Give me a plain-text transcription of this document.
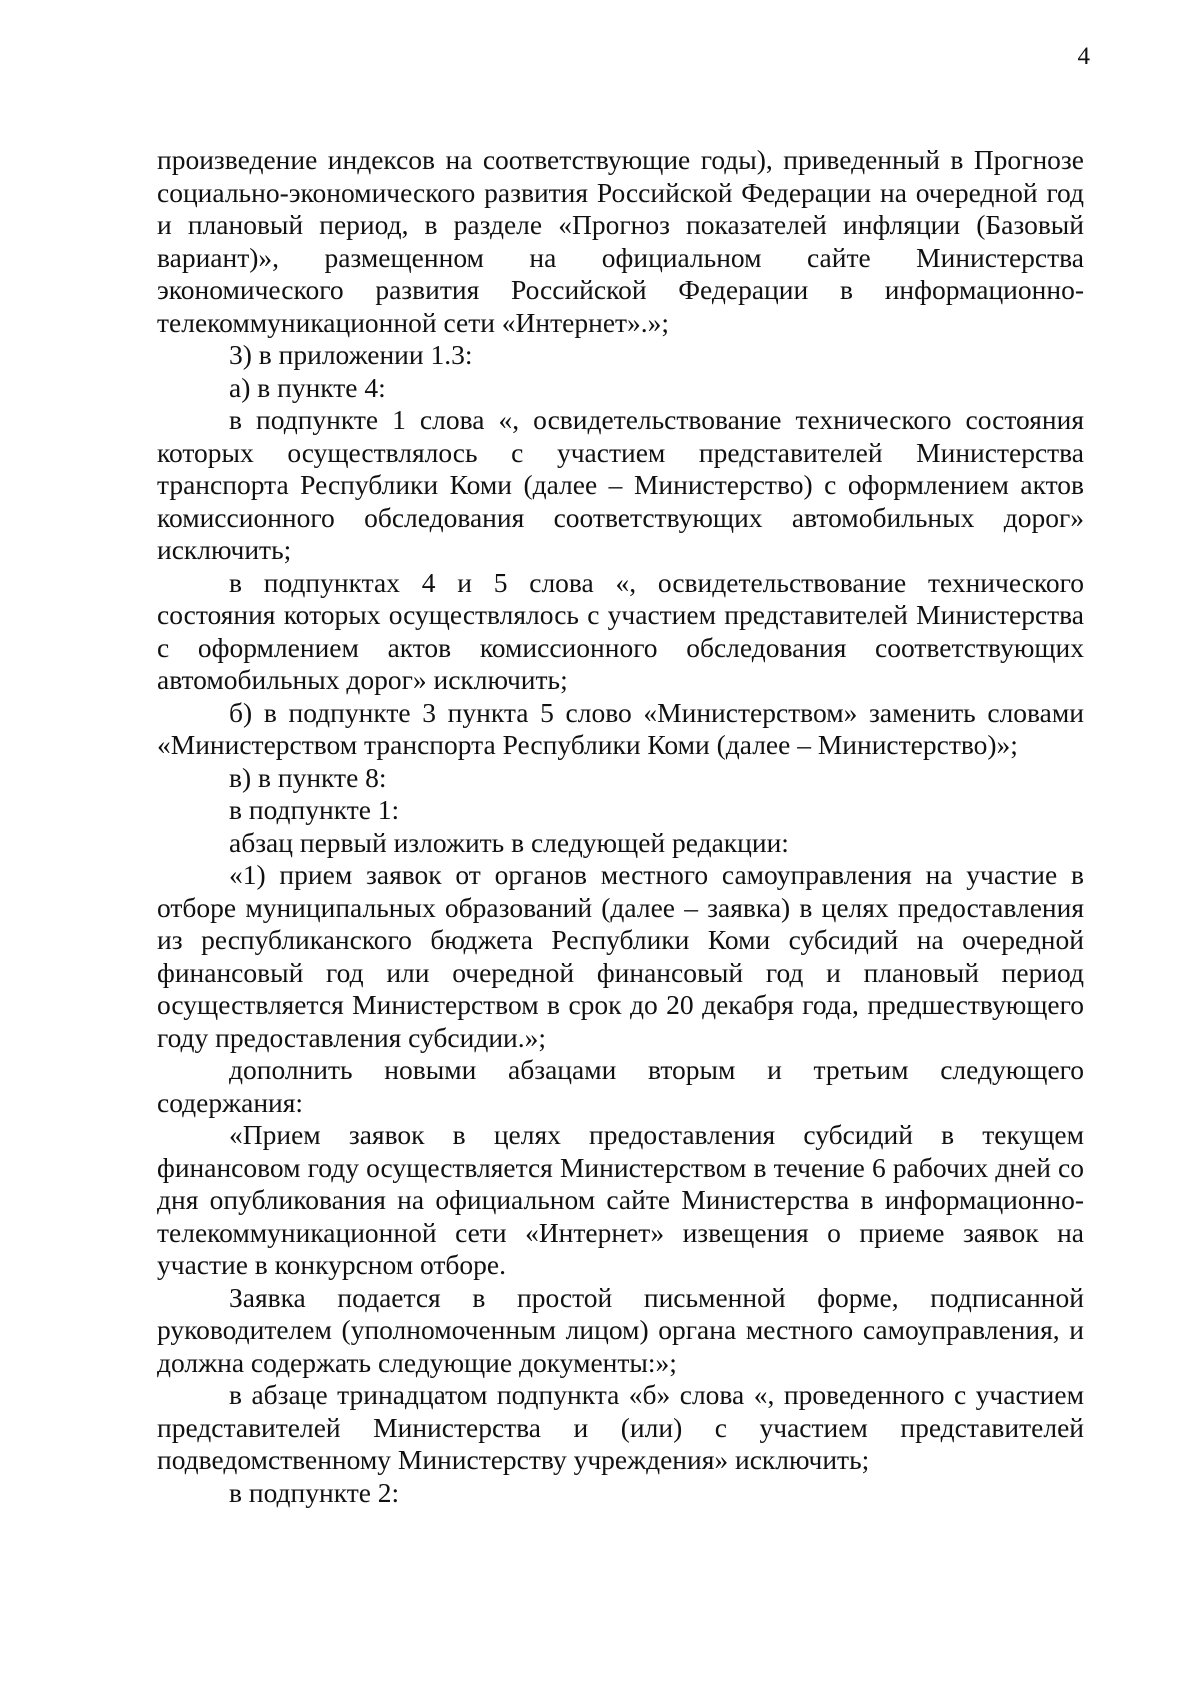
4

произведение индексов на соответствующие годы), приведенный в Прогнозе социально-экономического развития Российской Федерации на очередной год и плановый период, в разделе «Прогноз показателей инфляции (Базовый вариант)», размещенном на официальном сайте Министерства экономического развития Российской Федерации в информационно-телекоммуникационной сети «Интернет».»;

3) в приложении 1.3:

а) в пункте 4:

в подпункте 1 слова «, освидетельствование технического состояния которых осуществлялось с участием представителей Министерства транспорта Республики Коми (далее – Министерство) с оформлением актов комиссионного обследования соответствующих автомобильных дорог» исключить;

в подпунктах 4 и 5 слова «, освидетельствование технического состояния которых осуществлялось с участием представителей Министерства с оформлением актов комиссионного обследования соответствующих автомобильных дорог» исключить;

б) в подпункте 3 пункта 5 слово «Министерством» заменить словами «Министерством транспорта Республики Коми (далее – Министерство)»;

в) в пункте 8:

в подпункте 1:

абзац первый изложить в следующей редакции:

«1) прием заявок от органов местного самоуправления на участие в отборе муниципальных образований (далее – заявка) в целях предоставления из республиканского бюджета Республики Коми субсидий на очередной финансовый год или очередной финансовый год и плановый период осуществляется Министерством в срок до 20 декабря года, предшествующего году предоставления субсидии.»;

дополнить новыми абзацами вторым и третьим следующего содержания:

«Прием заявок в целях предоставления субсидий в текущем финансовом году осуществляется Министерством в течение 6 рабочих дней со дня опубликования на официальном сайте Министерства в информационно-телекоммуникационной сети «Интернет» извещения о приеме заявок на участие в конкурсном отборе.

Заявка подается в простой письменной форме, подписанной руководителем (уполномоченным лицом) органа местного самоуправления, и должна содержать следующие документы:»;

в абзаце тринадцатом подпункта «б» слова «, проведенного с участием представителей Министерства и (или) с участием представителей подведомственному Министерству учреждения» исключить;

в подпункте 2:
